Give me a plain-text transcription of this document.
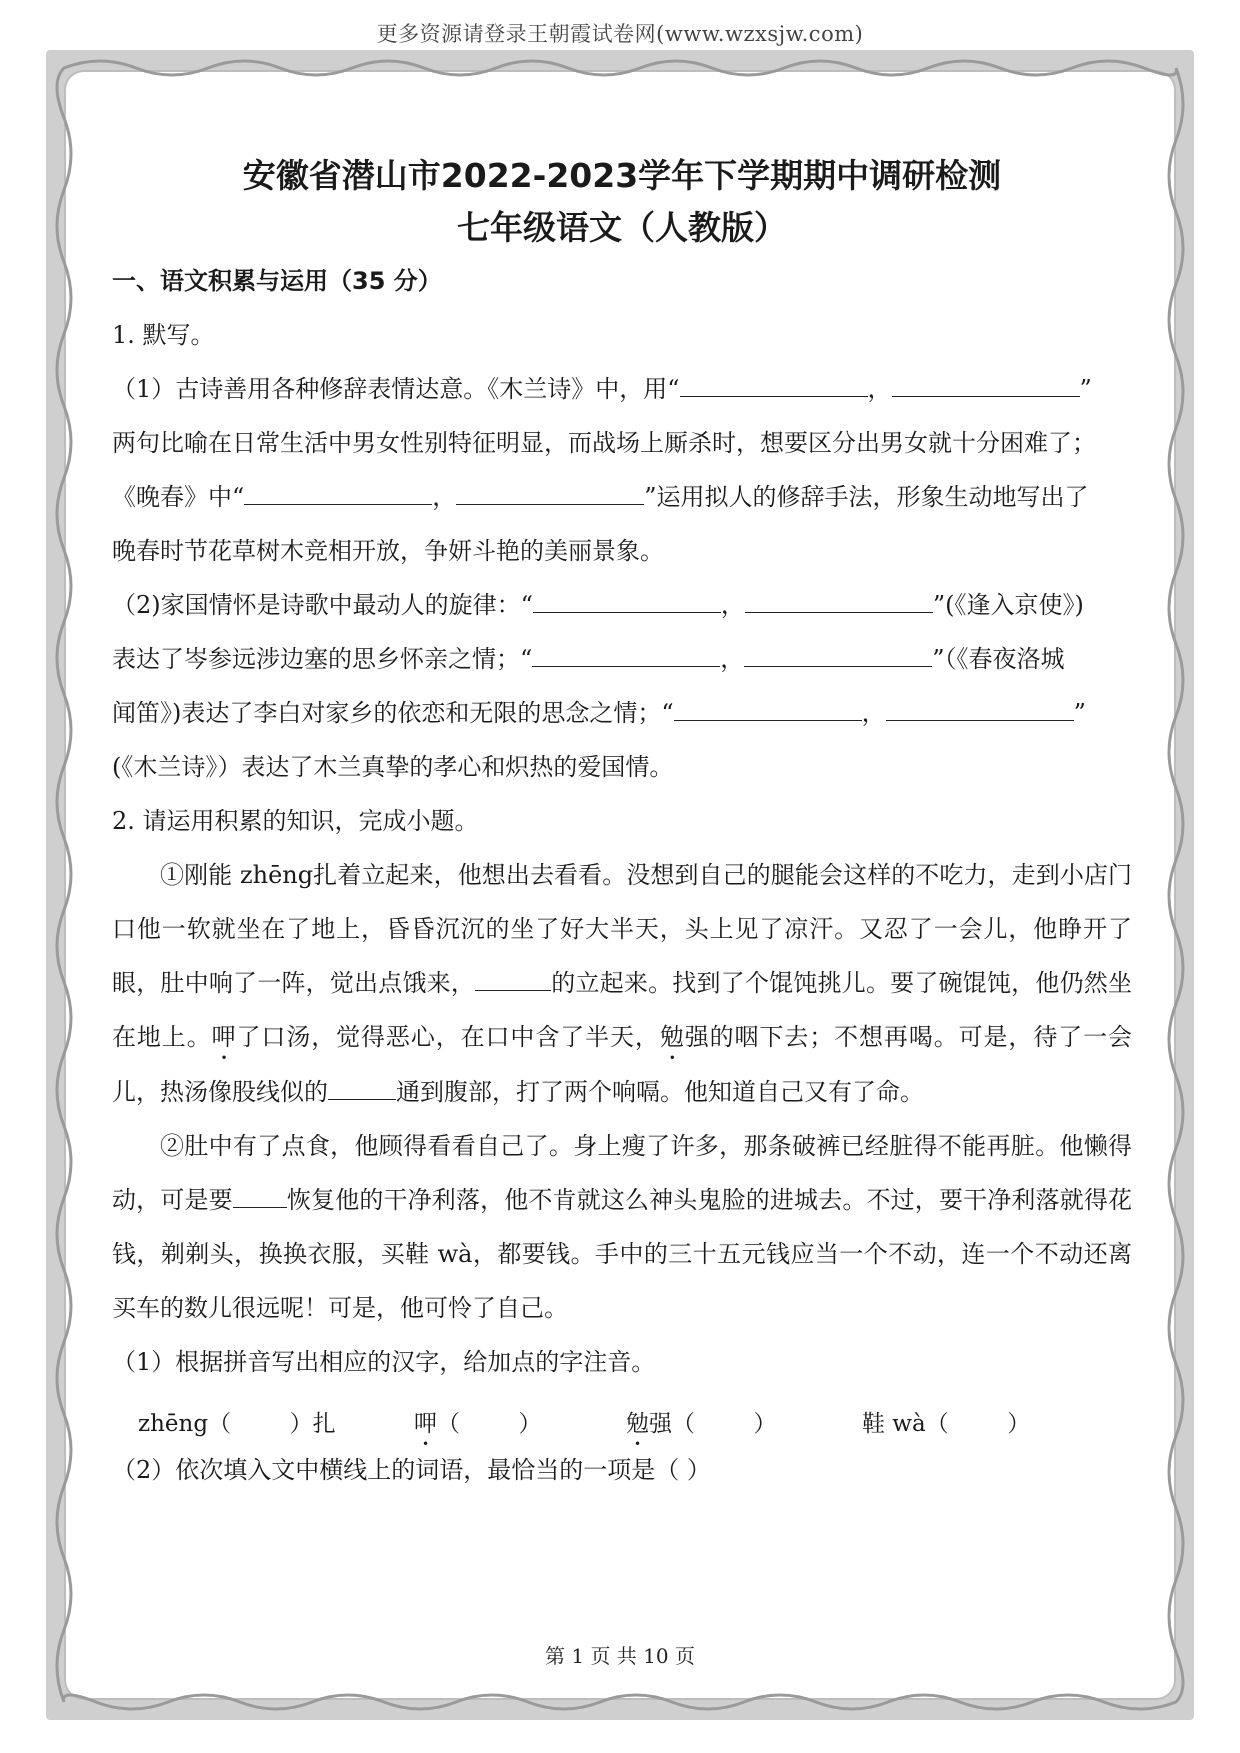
更多资源请登录王朝霞试卷网(www.wzxsjw.com)

安徽省潜山市2022-2023学年下学期期中调研检测

七年级语文（人教版）

一、语文积累与运用（35 分）

1. 默写。

（1）古诗善用各种修辞表情达意。《木兰诗》中，用“	，	”
两句比喻在日常生活中男女性别特征明显，而战场上厮杀时，想要区分出男女就十分困难了；
《晚春》中“	，	”运用拟人的修辞手法，形象生动地写出了
晚春时节花草树木竞相开放，争妍斗艳的美丽景象。

（2)家国情怀是诗歌中最动人的旋律：“	，	”(《逢入京使》)
表达了岑参远涉边塞的思乡怀亲之情；“	，	”（《春夜洛城
闻笛》)表达了李白对家乡的依恋和无限的思念之情；“	，	”
(《木兰诗》）表达了木兰真挚的孝心和炽热的爱国情。

2. 请运用积累的知识，完成小题。

①刚能 zhēng扎着立起来，他想出去看看。没想到自己的腿能会这样的不吃力，走到小店门口他一软就坐在了地上，昏昏沉沉的坐了好大半天，头上见了凉汗。又忍了一会儿，他睁开了眼，肚中响了一阵，觉出点饿来，	的立起来。找到了个馄饨挑儿。要了碗馄饨，他仍然坐在地上。呷了口汤，觉得恶心，在口中含了半天，勉强的咽下去；不想再喝。可是，待了一会儿，热汤像股线似的	通到腹部，打了两个响嗝。他知道自己又有了命。

②肚中有了点食，他顾得看看自己了。身上瘦了许多，那条破裤已经脏得不能再脏。他懒得动，可是要 恢复他的干净利落，他不肯就这么神头鬼脸的进城去。不过，要干净利落就得花钱，剃剃头，换换衣服，买鞋 wà，都要钱。手中的三十五元钱应当一个不动，连一个不动还离买车的数儿很远呢！可是，他可怜了自己。

（1）根据拼音写出相应的汉字，给加点的字注音。

zhēng（        ）扎	呷（        ）	勉强（        ）	鞋 wà（        ）

（2）依次填入文中横线上的词语，最恰当的一项是（ ）

第 1 页 共 10 页
